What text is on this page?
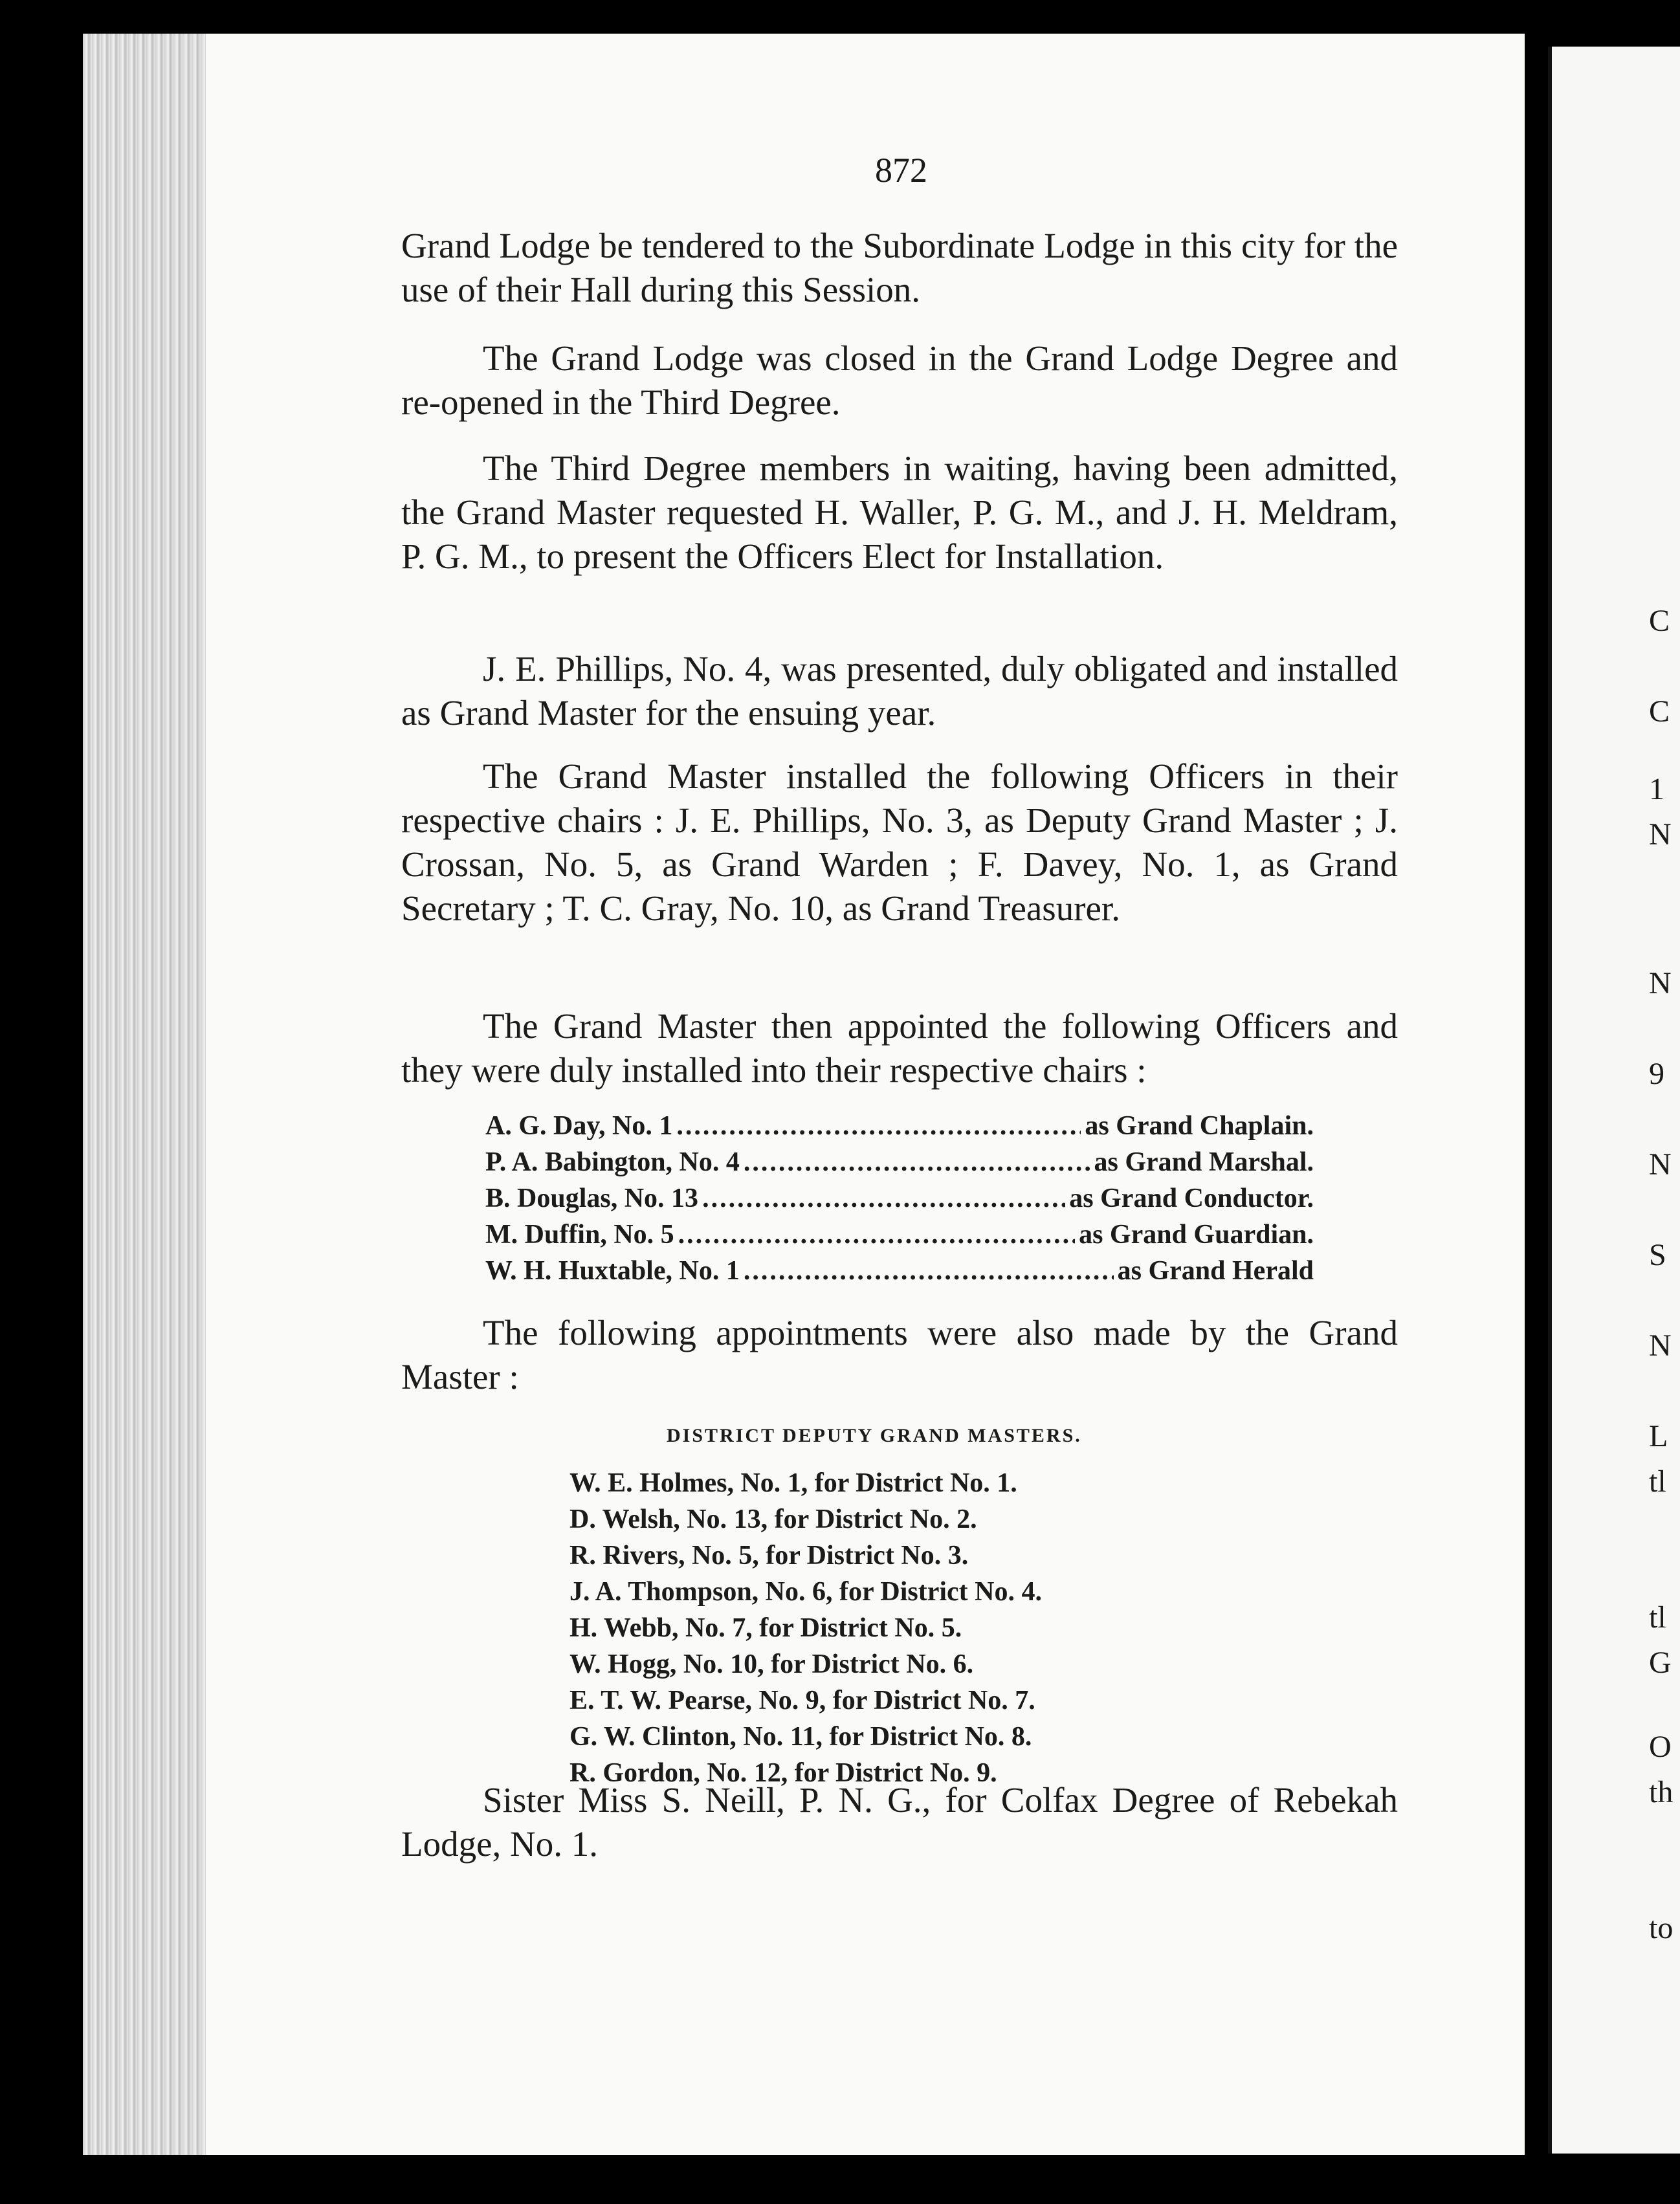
872
Grand Lodge be tendered to the Subordinate Lodge in this city for the use of their Hall during this Session.
The Grand Lodge was closed in the Grand Lodge Degree and re-opened in the Third Degree.
The Third Degree members in waiting, having been admitted, the Grand Master requested H. Waller, P. G. M., and J. H. Meldram, P. G. M., to present the Officers Elect for Installation.
J. E. Phillips, No. 4, was presented, duly obligated and installed as Grand Master for the ensuing year.
The Grand Master installed the following Officers in their respective chairs : J. E. Phillips, No. 3, as Deputy Grand Master ; J. Crossan, No. 5, as Grand Warden ; F. Davey, No. 1, as Grand Secretary ; T. C. Gray, No. 10, as Grand Treasurer.
The Grand Master then appointed the following Officers and they were duly installed into their respective chairs :
A. G. Day, No. 1 .....	as Grand Chaplain.
P. A. Babington, No. 4 .....	as Grand Marshal.
B. Douglas, No. 13 .....	as Grand Conductor.
M. Duffin, No. 5 .....	as Grand Guardian.
W. H. Huxtable, No. 1 .....	as Grand Herald
The following appointments were also made by the Grand Master :
DISTRICT DEPUTY GRAND MASTERS.
W. E. Holmes, No. 1, for District No. 1.
D. Welsh, No. 13, for District No. 2.
R. Rivers, No. 5, for District No. 3.
J. A. Thompson, No. 6, for District No. 4.
H. Webb, No. 7, for District No. 5.
W. Hogg, No. 10, for District No. 6.
E. T. W. Pearse, No. 9, for District No. 7.
G. W. Clinton, No. 11, for District No. 8.
R. Gordon, No. 12, for District No. 9.
Sister Miss S. Neill, P. N. G., for Colfax Degree of Rebekah Lodge, No. 1.
C
C
1
N
N
9
N
S
N
L
tl
tl
G
O
th
to
